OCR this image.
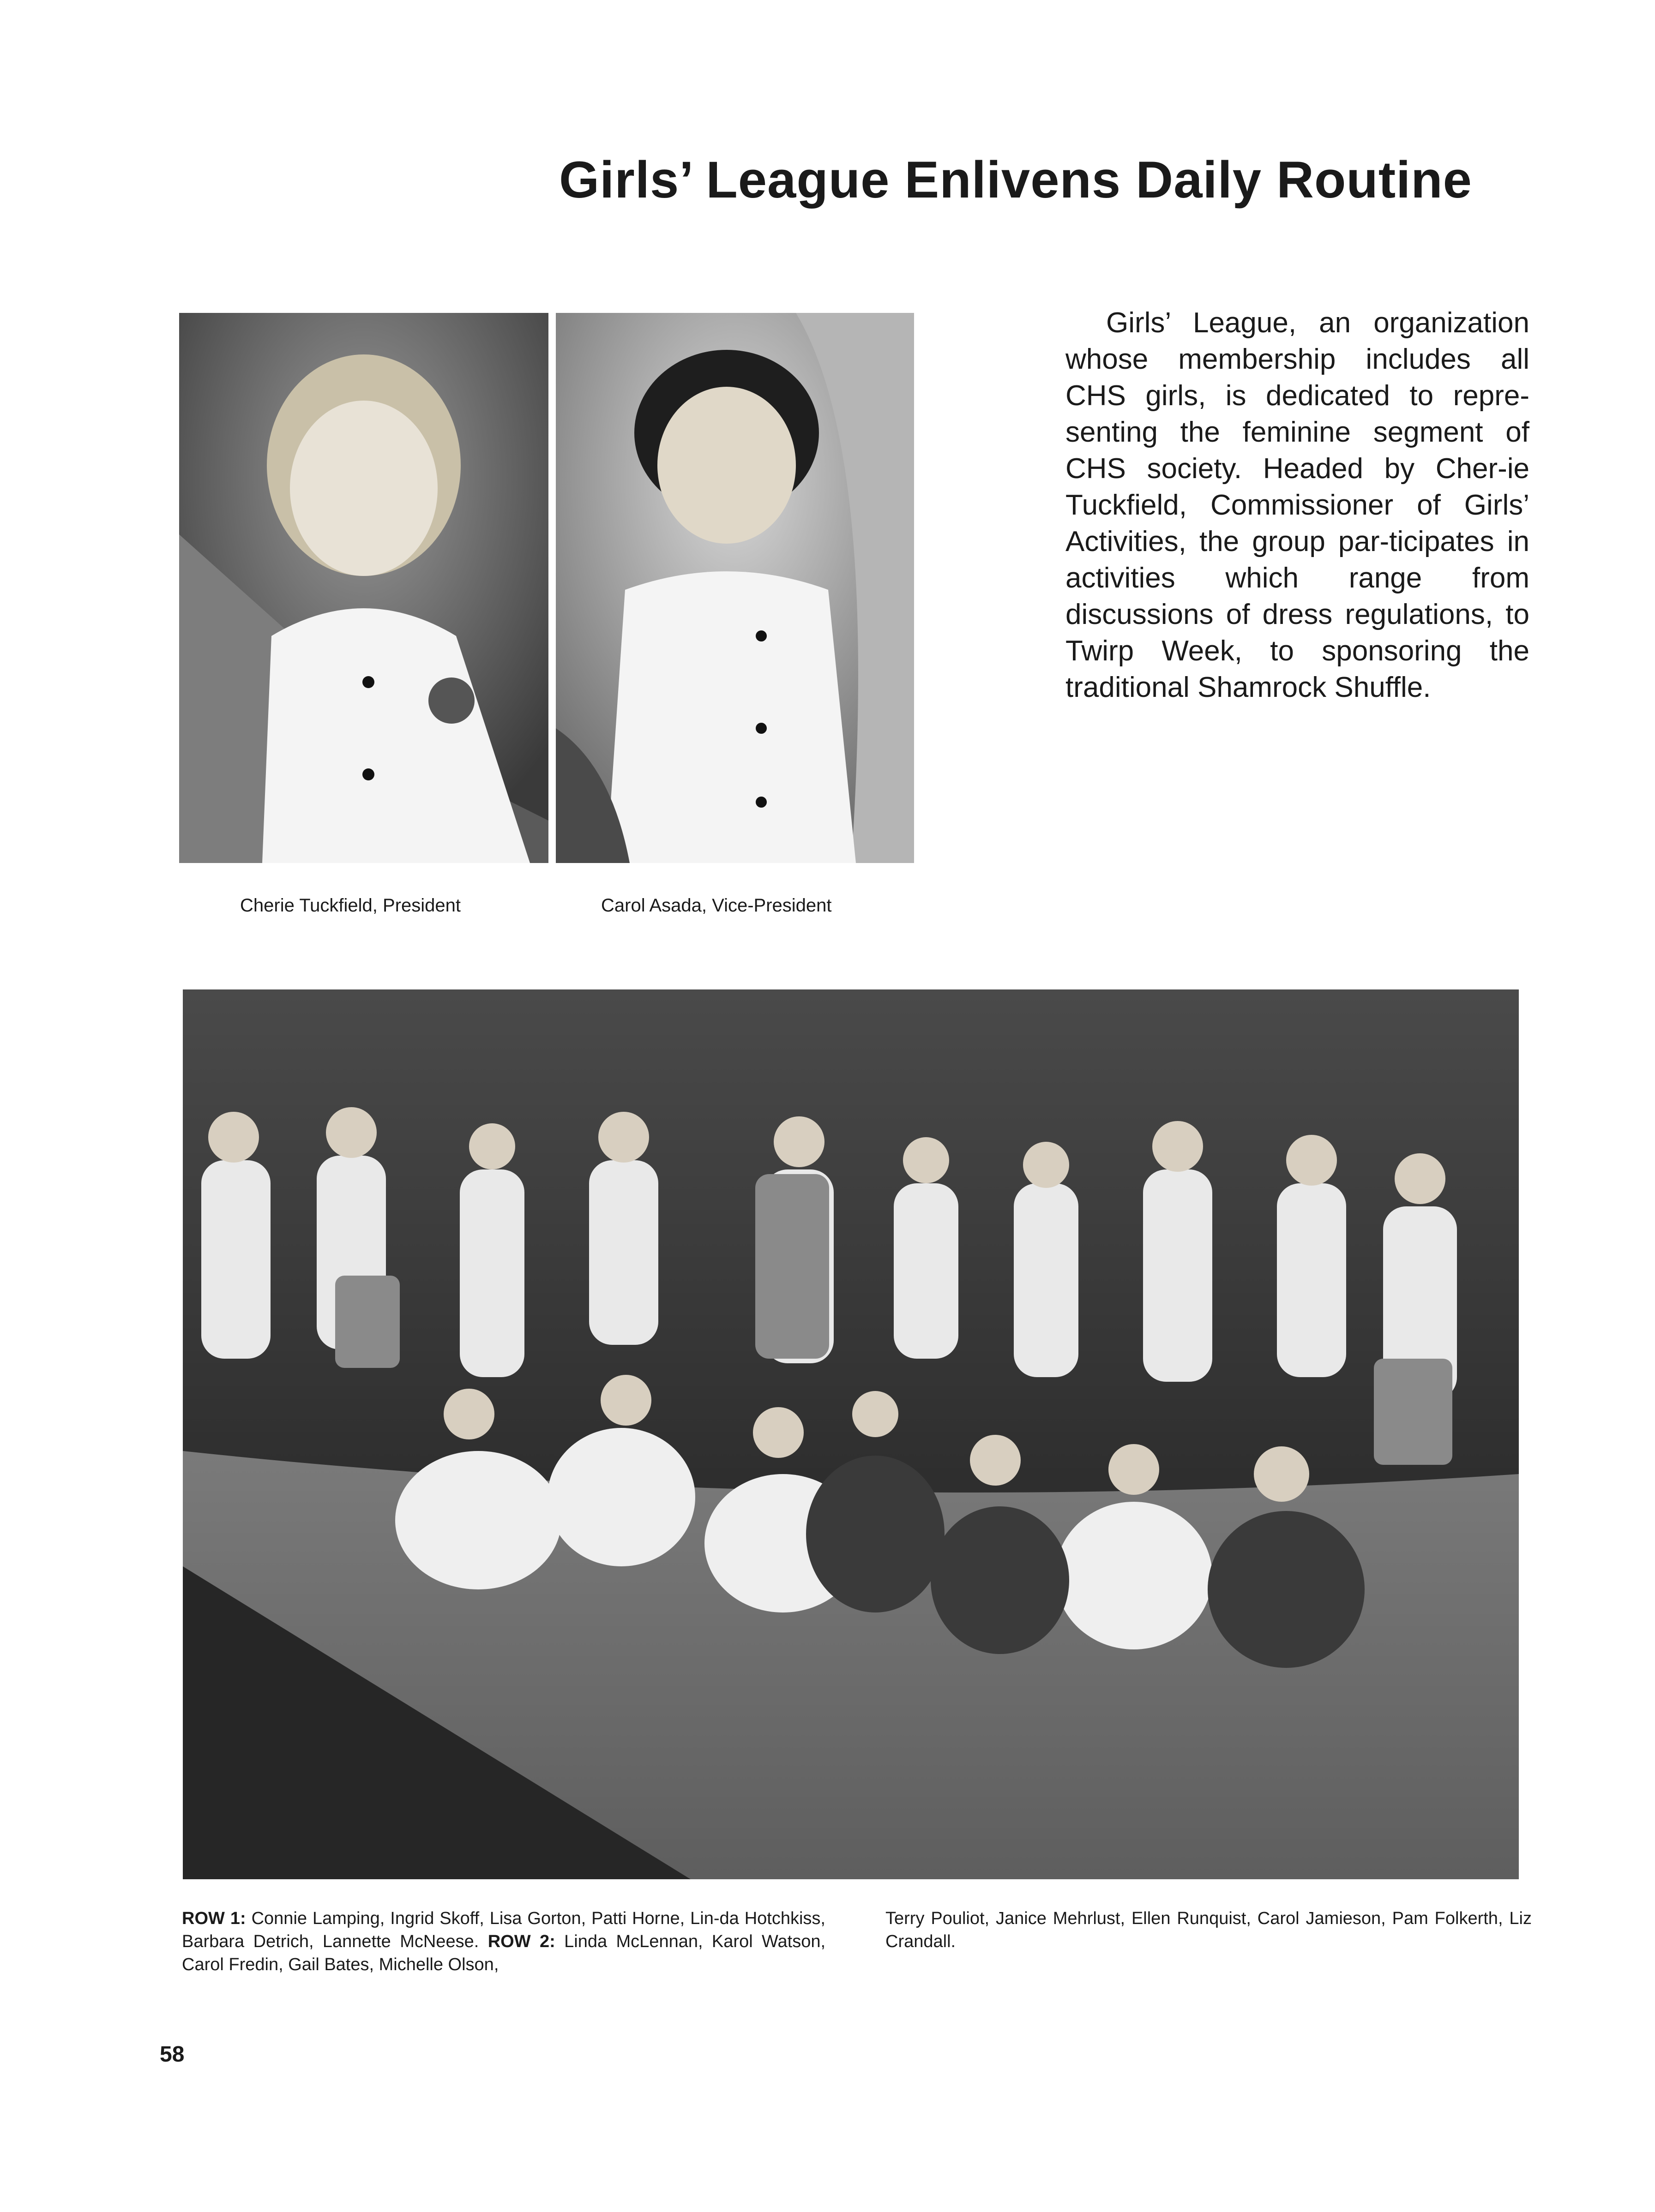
Girls’ League Enlivens Daily Routine
Cherie Tuckfield, President	Carol Asada, Vice-President
Girls’ League, an organization whose membership includes all CHS girls, is dedicated to repre-senting the feminine segment of CHS society. Headed by Cher-ie Tuckfield, Commissioner of Girls’ Activities, the group par-ticipates in activities which range from discussions of dress regulations, to Twirp Week, to sponsoring the traditional Shamrock Shuffle.
ROW 1: Connie Lamping, Ingrid Skoff, Lisa Gorton, Patti Horne, Lin-da Hotchkiss, Barbara Detrich, Lannette McNeese. ROW 2: Linda McLennan, Karol Watson, Carol Fredin, Gail Bates, Michelle Olson,
Terry Pouliot, Janice Mehrlust, Ellen Runquist, Carol Jamieson, Pam Folkerth, Liz Crandall.
58
